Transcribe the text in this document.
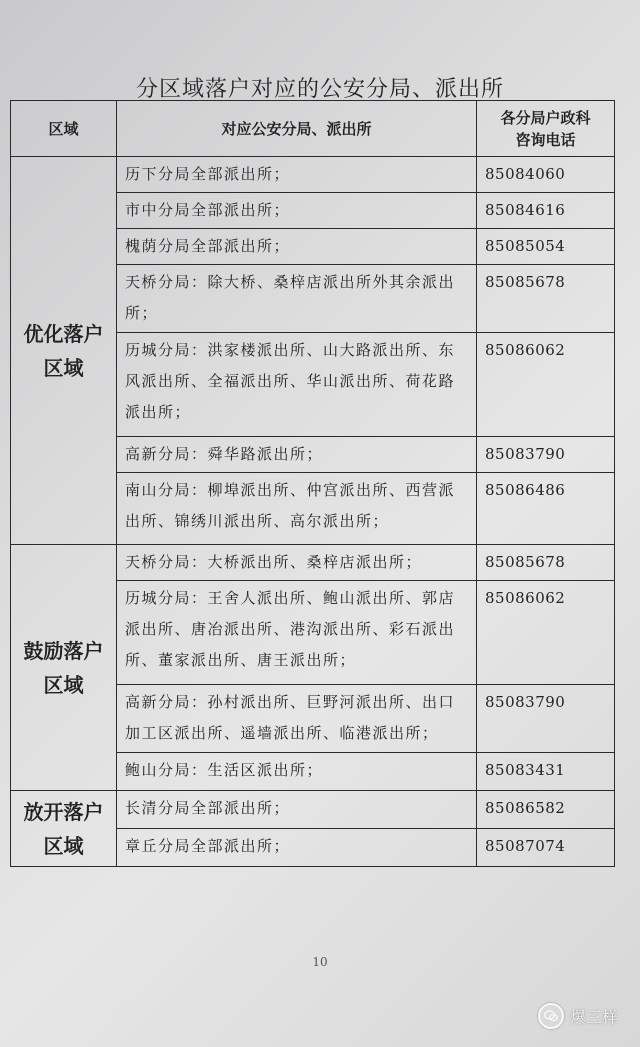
分区域落户对应的公安分局、派出所
区域	对应公安分局、派出所	各分局户政科
咨询电话

优化落户
区域	历下分局全部派出所；	85084060
	市中分局全部派出所；	85084616
	槐荫分局全部派出所；	85085054
	天桥分局：除大桥、桑梓店派出所外其余派出所；	85085678
	历城分局：洪家楼派出所、山大路派出所、东风派出所、全福派出所、华山派出所、荷花路派出所；	85086062
	高新分局：舜华路派出所；	85083790
	南山分局：柳埠派出所、仲宫派出所、西营派出所、锦绣川派出所、高尔派出所；	85086486

鼓励落户
区域	天桥分局：大桥派出所、桑梓店派出所；	85085678
	历城分局：王舍人派出所、鲍山派出所、郭店派出所、唐冶派出所、港沟派出所、彩石派出所、董家派出所、唐王派出所；	85086062
	高新分局：孙村派出所、巨野河派出所、出口加工区派出所、遥墙派出所、临港派出所；	85083790
	鲍山分局：生活区派出所；	85083431

放开落户
区域	长清分局全部派出所；	85086582
	章丘分局全部派出所；	85087074
10
爆三样
